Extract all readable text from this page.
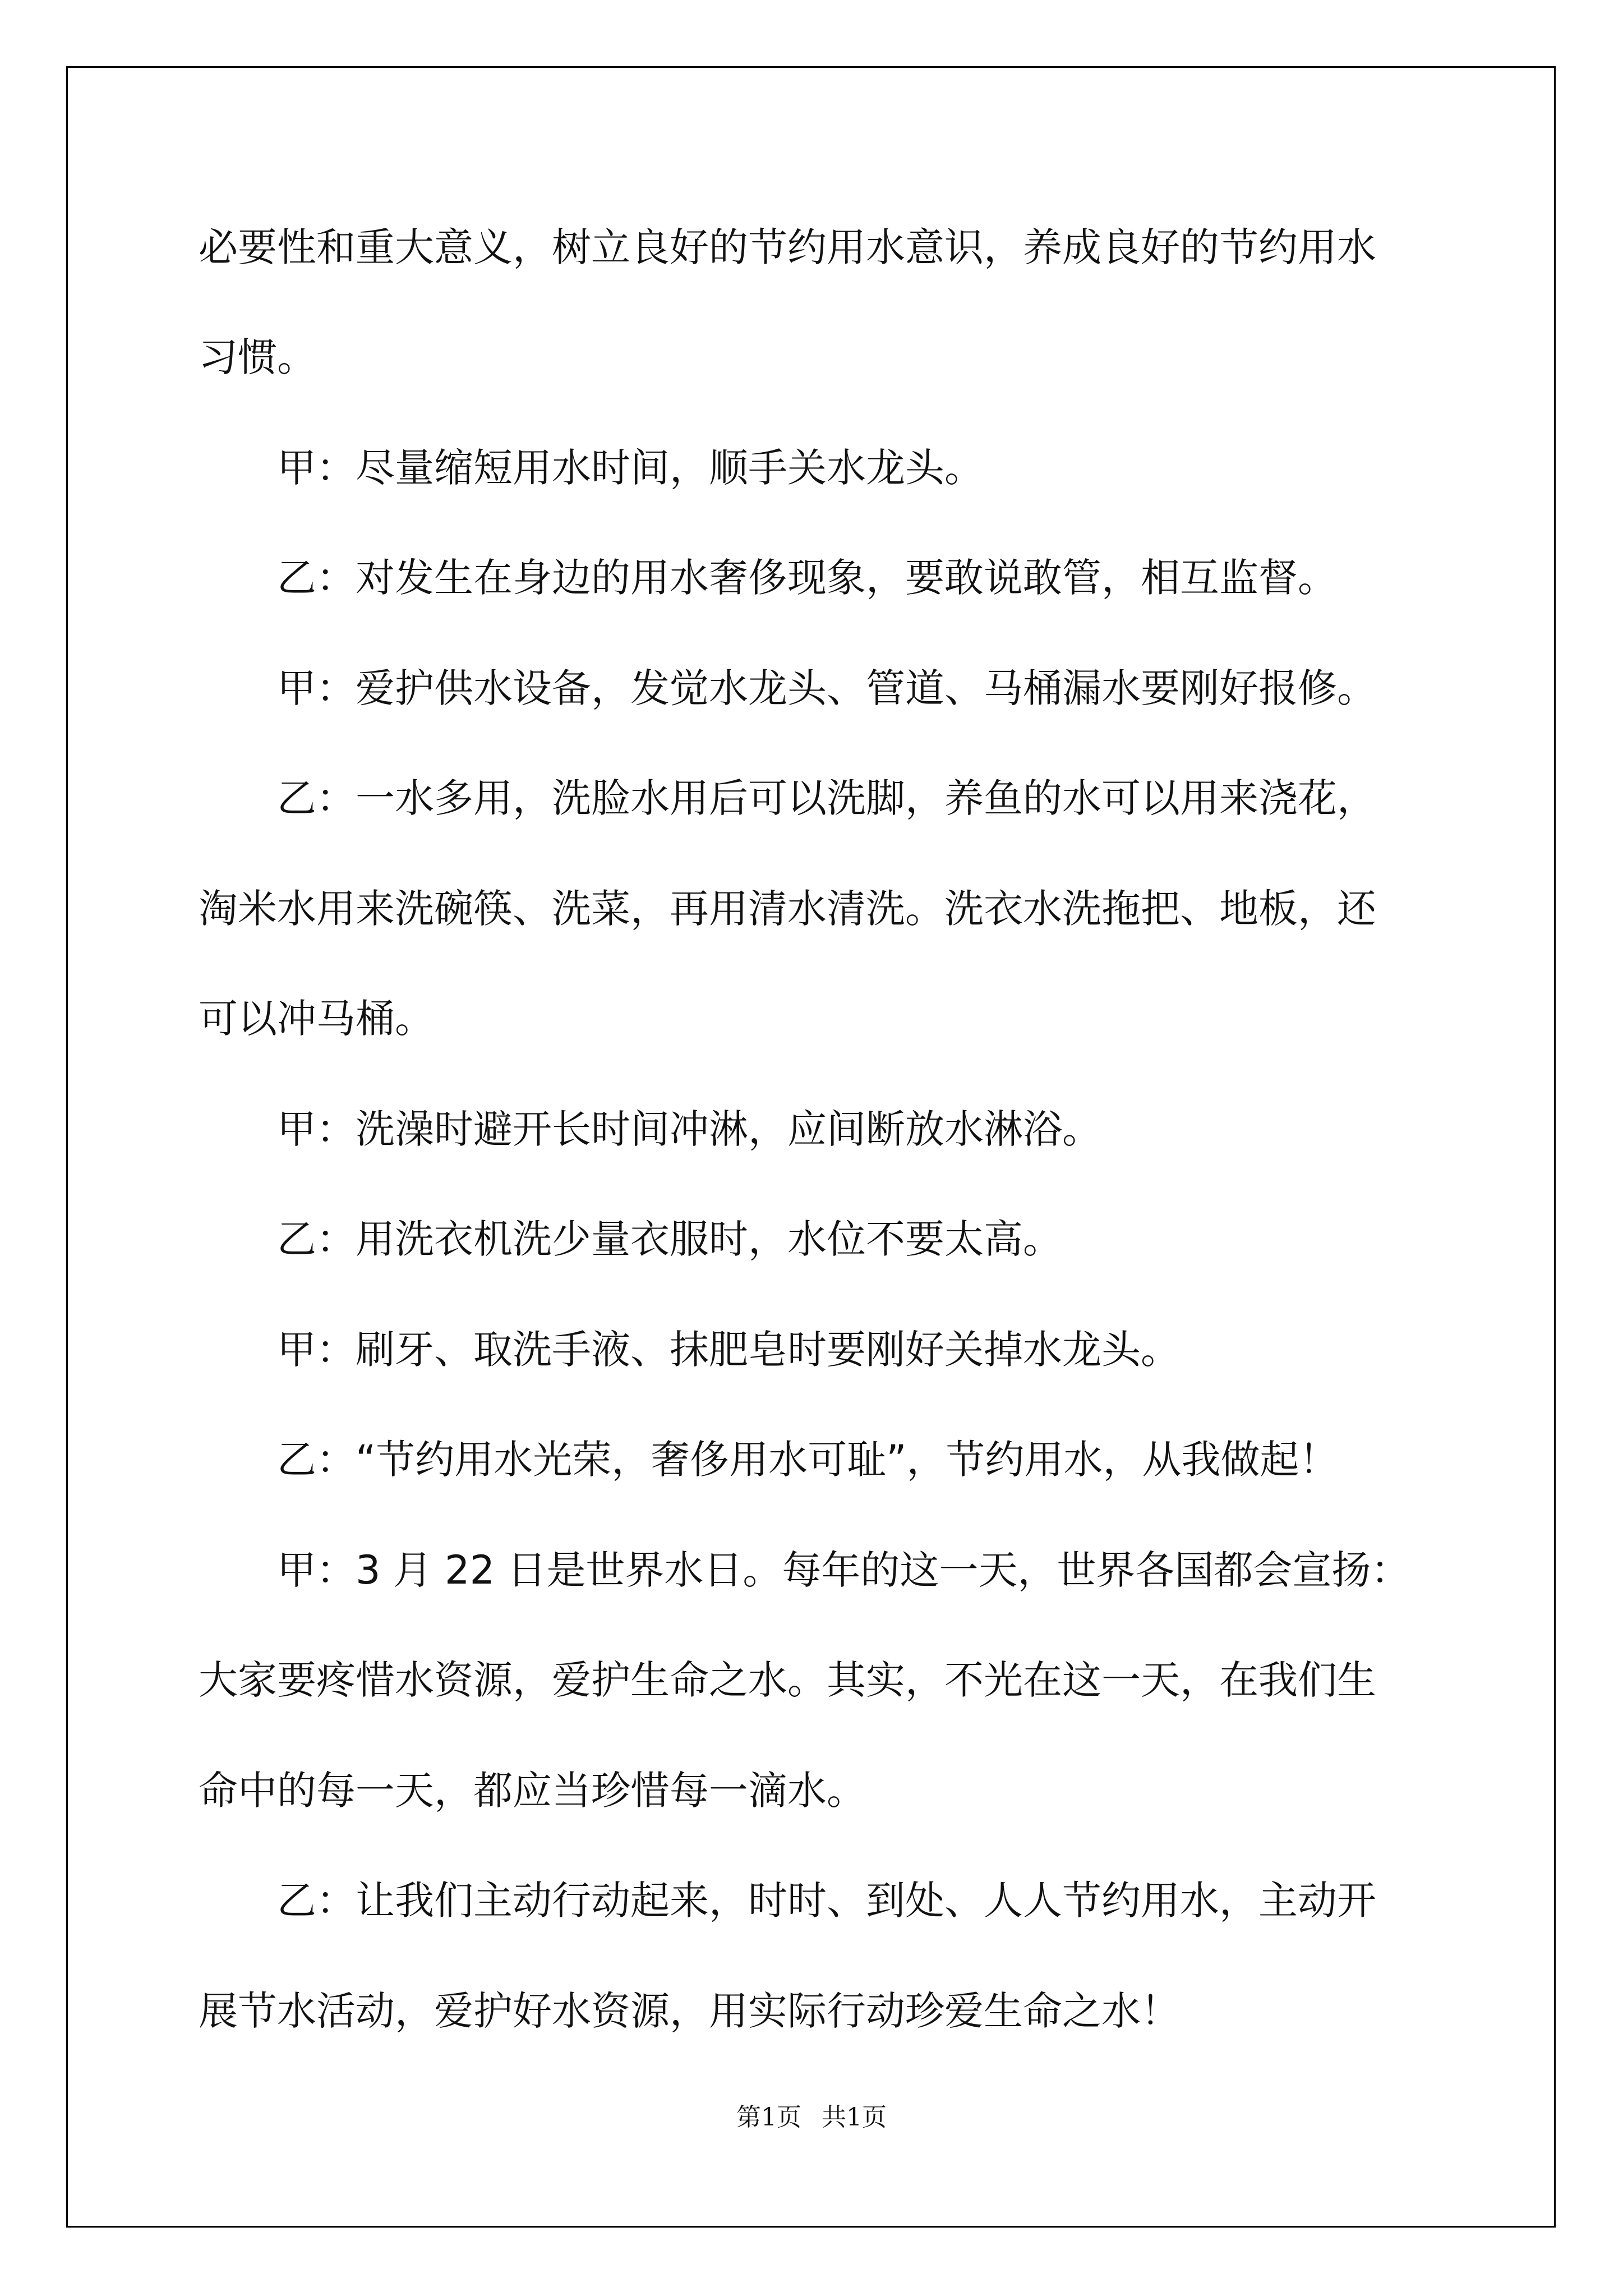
必要性和重大意义，树立良好的节约用水意识，养成良好的节约用水
习惯。
　　甲：尽量缩短用水时间，顺手关水龙头。
　　乙：对发生在身边的用水奢侈现象，要敢说敢管，相互监督。
　　甲：爱护供水设备，发觉水龙头、管道、马桶漏水要刚好报修。
　　乙：一水多用，洗脸水用后可以洗脚，养鱼的水可以用来浇花，
淘米水用来洗碗筷、洗菜，再用清水清洗。洗衣水洗拖把、地板，还
可以冲马桶。
　　甲：洗澡时避开长时间冲淋，应间断放水淋浴。
　　乙：用洗衣机洗少量衣服时，水位不要太高。
　　甲：刷牙、取洗手液、抹肥皂时要刚好关掉水龙头。
　　乙：“节约用水光荣，奢侈用水可耻”，节约用水，从我做起！
　　甲：3 月 22 日是世界水日。每年的这一天，世界各国都会宣扬：
大家要疼惜水资源，爱护生命之水。其实，不光在这一天，在我们生
命中的每一天，都应当珍惜每一滴水。
　　乙：让我们主动行动起来，时时、到处、人人节约用水，主动开
展节水活动，爱护好水资源，用实际行动珍爱生命之水！
第1页 共1页
